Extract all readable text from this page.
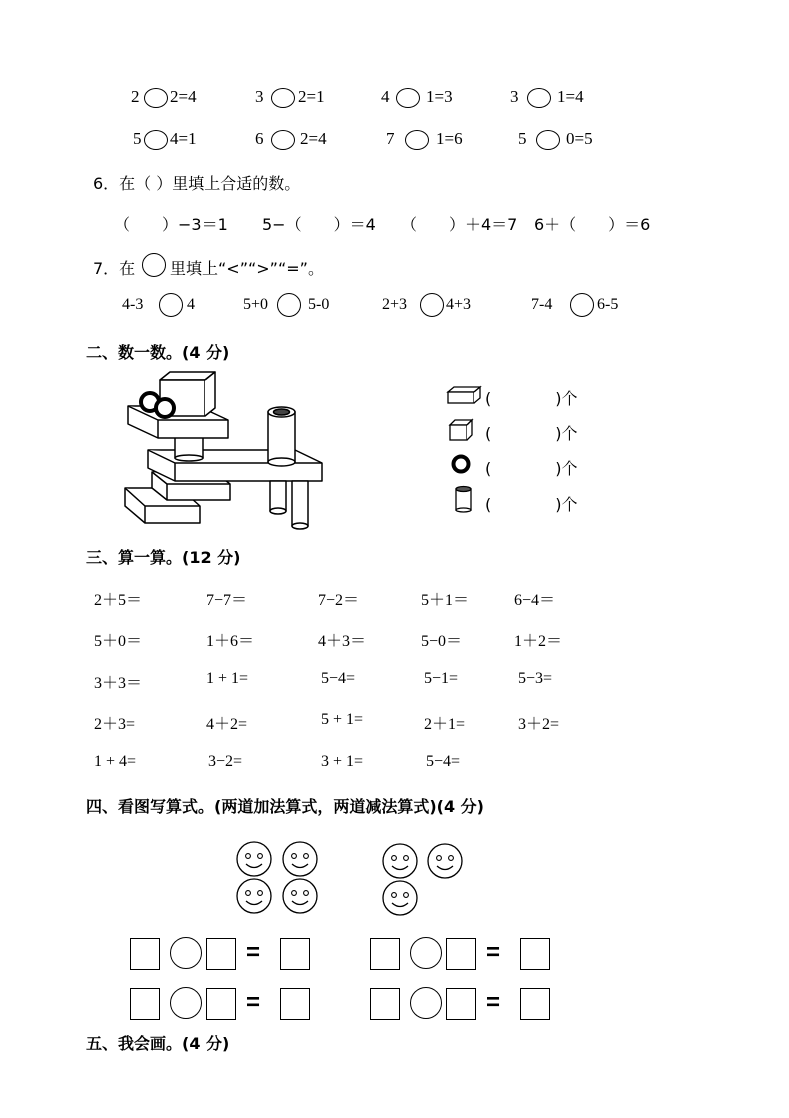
2 2=4	3 2=1	4 1=3	3 1=4
5 4=1	6 2=4	7 1=6	5 0=5
6．在（ ）里填上合适的数。
（　　）−3＝1 5−（　　）＝4 （　　）＋4＝7 6＋（　　）＝6
7．在 里填上“<”“>”“=”。
4-3	4	5+0 5-0	2+3 4+3	7-4	6-5
二、数一数。(4 分)
(　　　　)个
(　　　　)个
(　　　　)个
(　　　　)个
三、算一算。(12 分)
2＋5＝	7−7＝	7−2＝	5＋1＝	6−4＝
5＋0＝	1＋6＝	4＋3＝	5−0＝	1＋2＝
3＋3＝	1 + 1=	5−4=	5−1=	5−3=
2＋3=	4＋2=	5 + 1=	2＋1=	3＋2=
1 + 4=	3−2=	3 + 1=	5−4=
四、看图写算式。(两道加法算式，两道减法算式)(4 分)
=	=
=	=
五、我会画。(4 分)
